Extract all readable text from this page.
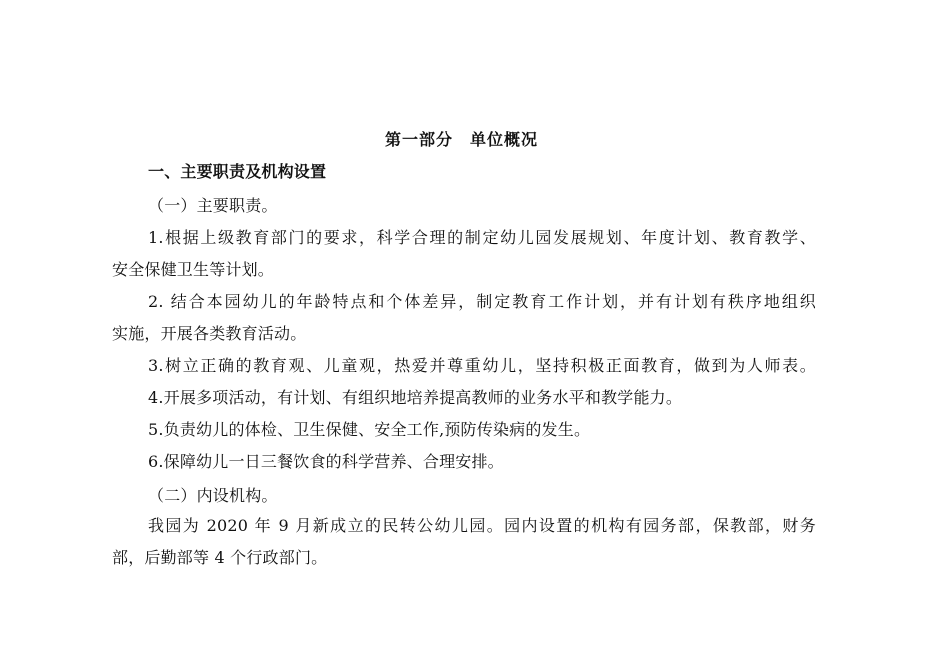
第一部分　单位概况
一、主要职责及机构设置
（一）主要职责。
1.根据上级教育部门的要求，科学合理的制定幼儿园发展规划、年度计划、教育教学、
安全保健卫生等计划。
2. 结合本园幼儿的年龄特点和个体差异，制定教育工作计划，并有计划有秩序地组织
实施，开展各类教育活动。
3.树立正确的教育观、儿童观，热爱并尊重幼儿，坚持积极正面教育，做到为人师表。
4.开展多项活动，有计划、有组织地培养提高教师的业务水平和教学能力。
5.负责幼儿的体检、卫生保健、安全工作,预防传染病的发生。
6.保障幼儿一日三餐饮食的科学营养、合理安排。
（二）内设机构。
我园为 2020 年 9 月新成立的民转公幼儿园。园内设置的机构有园务部，保教部，财务
部，后勤部等 4 个行政部门。
